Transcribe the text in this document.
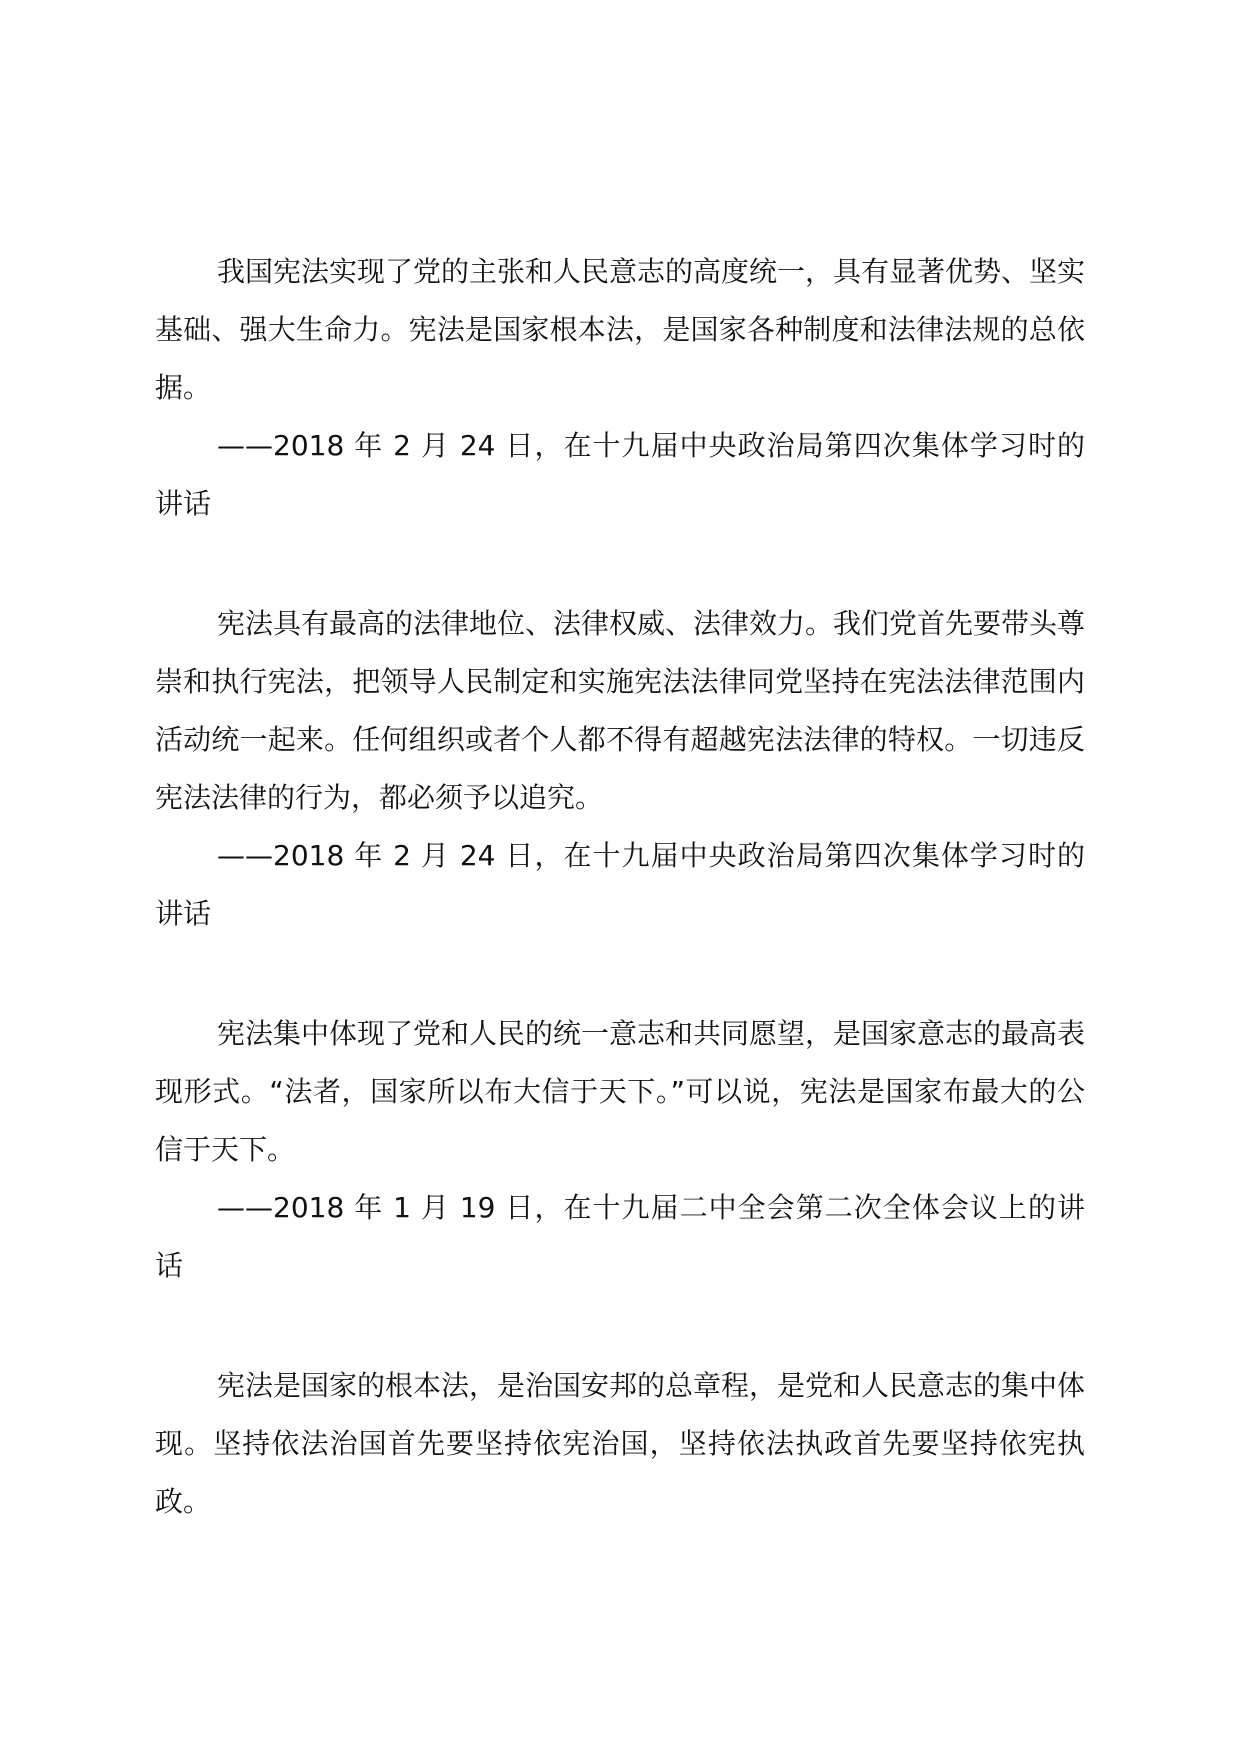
我国宪法实现了党的主张和人民意志的高度统一，具有显著优势、坚实基础、强大生命力。宪法是国家根本法，是国家各种制度和法律法规的总依据。

——2018 年 2 月 24 日，在十九届中央政治局第四次集体学习时的讲话

宪法具有最高的法律地位、法律权威、法律效力。我们党首先要带头尊崇和执行宪法，把领导人民制定和实施宪法法律同党坚持在宪法法律范围内活动统一起来。任何组织或者个人都不得有超越宪法法律的特权。一切违反宪法法律的行为，都必须予以追究。

——2018 年 2 月 24 日，在十九届中央政治局第四次集体学习时的讲话

宪法集中体现了党和人民的统一意志和共同愿望，是国家意志的最高表现形式。“法者，国家所以布大信于天下。”可以说，宪法是国家布最大的公信于天下。

——2018 年 1 月 19 日，在十九届二中全会第二次全体会议上的讲话

宪法是国家的根本法，是治国安邦的总章程，是党和人民意志的集中体现。坚持依法治国首先要坚持依宪治国，坚持依法执政首先要坚持依宪执政。
